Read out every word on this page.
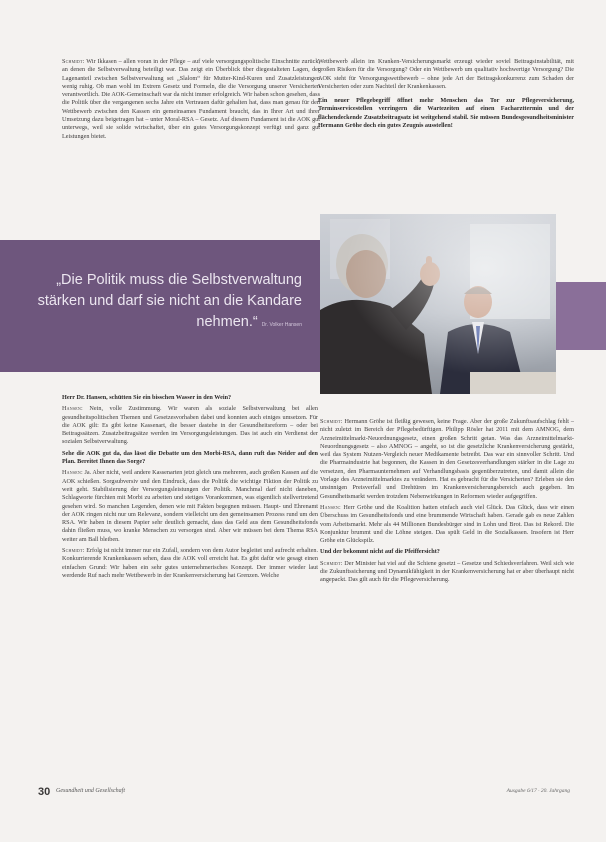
Schmidt: Wir Ikkasen – allen voran in der Pflege – auf viele versorgungspolitische Einschnitte zurück, an denen die Selbstverwaltung beteiligt war. Das zeigt ein Überblick über diegestalteten Lagen, der Lagenanteil zwischen Selbstverwaltung sei „Slalom“ für Mutter-Kind-Kuren und Zusatzleistungen wenig ruhig. Ob man wohl im Extrem Gesetz und Formeln, die die Versorgung unserer Versicherten verantwortlich. Die AOK-Gemeinschaft war da nicht immer erfolgreich. Wir haben schon gesehen, dass die Politik über die vergangenen sechs Jahre ein Vertrauen dafür gehalten hat, dass man genau für den Wettbewerb zwischen den Kassen ein gemeinsames Fundament braucht, das in Ihrer Art und ihrer Umsetzung dazu beigetragen hat – unter Moral-RSA – Gesetz. Auf diesem Fundament ist die AOK gut unterwegs, weil sie solide wirtschaftet, über ein gutes Versorgungskonzept verfügt und ganz gut Leistungen bietet.

Wettbewerb allein im Kranken-Versicherungsmarkt erzeugt wieder soviel Beitragsinstabilität, mit großen Risiken für die Versorgung? Oder ein Wettbewerb um qualitativ hochwertige Versorgung? Die AOK steht für Versorgungswettbewerb – ohne jede Art der Beitragskonkurrenz zum Schaden der Versicherten oder zum Nachteil der Krankenkassen.

Ein neuer Pflegebegriff öffnet mehr Menschen das Tor zur Pflegeversicherung, Terminservicestellen verringern die Wartezeiten auf einen Facharzttermin und der flächendeckende Zusatzbeitragsatz ist weitgehend stabil. Sie müssen Bundesgesundheitsminister Hermann Gröhe doch ein gutes Zeugnis ausstellen!

„Die Politik muss die Selbstverwaltung stärken und darf sie nicht an die Kandare nehmen.“ Dr. Volker Hansen

Herr Dr. Hansen, schütten Sie ein bisschen Wasser in den Wein?

Hansen: Nein, volle Zustimmung. Wir waren als soziale Selbstverwaltung bei allen gesundheitspolitischen Themen und Gesetzesvorhaben dabei und konnten auch einiges umsetzen. Für die AOK gilt: Es gibt keine Kassenart, die besser dastehe in der Gesundheitsreform – oder bei Beitragssätzen. Zusatzbeitragsätze werden im Versorgungsleistungen. Das ist auch ein Verdienst der sozialen Selbstverwaltung.

Sehe die AOK gut da, das lässt die Debatte um den Morbi-RSA, dann ruft das Neider auf den Plan. Bereitet Ihnen das Sorge?

Hansen: Ja. Aber nicht, weil andere Kassenarten jetzt gleich uns mehreren, auch großen Kassen auf die AOK schießen. Sorgsubversiv und den Eindruck, dass die Politik die wichtige Fiktion der Politik zu weit geht. Stabilisierung der Versorgungsleistungen der Politik. Manchmal darf nicht daneben, Schlagworte fürchten mit Morbi zu arbeiten und stetiges Vorankommen, was eigentlich stellvertretend gesehen wird. So manchen Legenden, denen wie mit Fakten begegnen müssen. Haupt- und Ehrenamt der AOK ringen nicht nur um Relevanz, sondern vielleicht um den gemeinsamen Prozess rund um den RSA. Wir haben in diesem Papier sehr deutlich gemacht, dass das Geld aus dem Gesundheitsfonds dahin fließen muss, wo kranke Menschen zu versorgen sind. Aber wir müssen bei dem Thema RSA weiter am Ball bleiben.

Schmidt: Erfolg ist nicht immer nur ein Zufall, sondern von dem Autor begleitet und aufrecht erhalten. Konkurrierende Krankenkassen sehen, dass die AOK voll erreicht hat. Es gibt dafür wie gesagt einen einfachen Grund: Wir haben ein sehr gutes unternehmerisches Konzept. Der immer wieder laut werdende Ruf nach mehr Wettbewerb in der Krankenversicherung hat Grenzen. Welche

Schmidt: Hermann Gröhe ist fleißig gewesen, keine Frage. Aber der große Zukunftsaufschlag fehlt – nicht zuletzt im Bereich der Pflegebedürftigen. Philipp Rösler hat 2011 mit dem AMNOG, dem Arzneimittelmarkt-Neuordnungsgesetz, einen großen Schritt getan. Was das Arzneimittelmarkt-Neuordnungsgesetz – also AMNOG – angeht, so ist die gesetzliche Krankenversicherung gestärkt, weil das System Nutzen-Vergleich neuer Medikamente betreibt. Das war ein sinnvoller Schritt. Und die Pharmaindustrie hat begonnen, die Kassen in den Gesetzesverhandlungen stärker in die Lage zu versetzen, den Pharmaunternehmen auf Verhandlungsbasis gegenüberzutreten, und damit allein die Vorlage des Arzneimittelmarktes zu verändern. Hat es gebracht für die Versicherten? Erleben sie den unsinnigen Preisverfall und Drehtüren im Krankenversicherungsbereich auch gegeben. Im Gesundheitsmarkt werden trotzdem Nebenwirkungen in Reformen wieder aufgegriffen.

Hansen: Herr Gröhe und die Koalition hatten einfach auch viel Glück. Das Glück, dass wir einen Überschuss im Gesundheitsfonds und eine brummende Wirtschaft haben. Gerade gab es neue Zahlen vom Arbeitsmarkt. Mehr als 44 Millionen Bundesbürger sind in Lohn und Brot. Das ist Rekord. Die Konjunktur brummt und die Löhne steigen. Das spült Geld in die Sozialkassen. Insofern ist Herr Gröhe ein Glückspilz.

Und der bekommt nicht auf die Pfeiffersicht?

Schmidt: Der Minister hat viel auf die Schiene gesetzt – Gesetze und Schiedsverfahren. Weil sich wie die Zukunftssicherung und Dynamikfähigkeit in der Krankenversicherung hat er aber überhaupt nicht angepackt. Das gilt auch für die Pflegeversicherung.

30 Gesundheit und Gesellschaft	Ausgabe 6/17 · 20. Jahrgang
